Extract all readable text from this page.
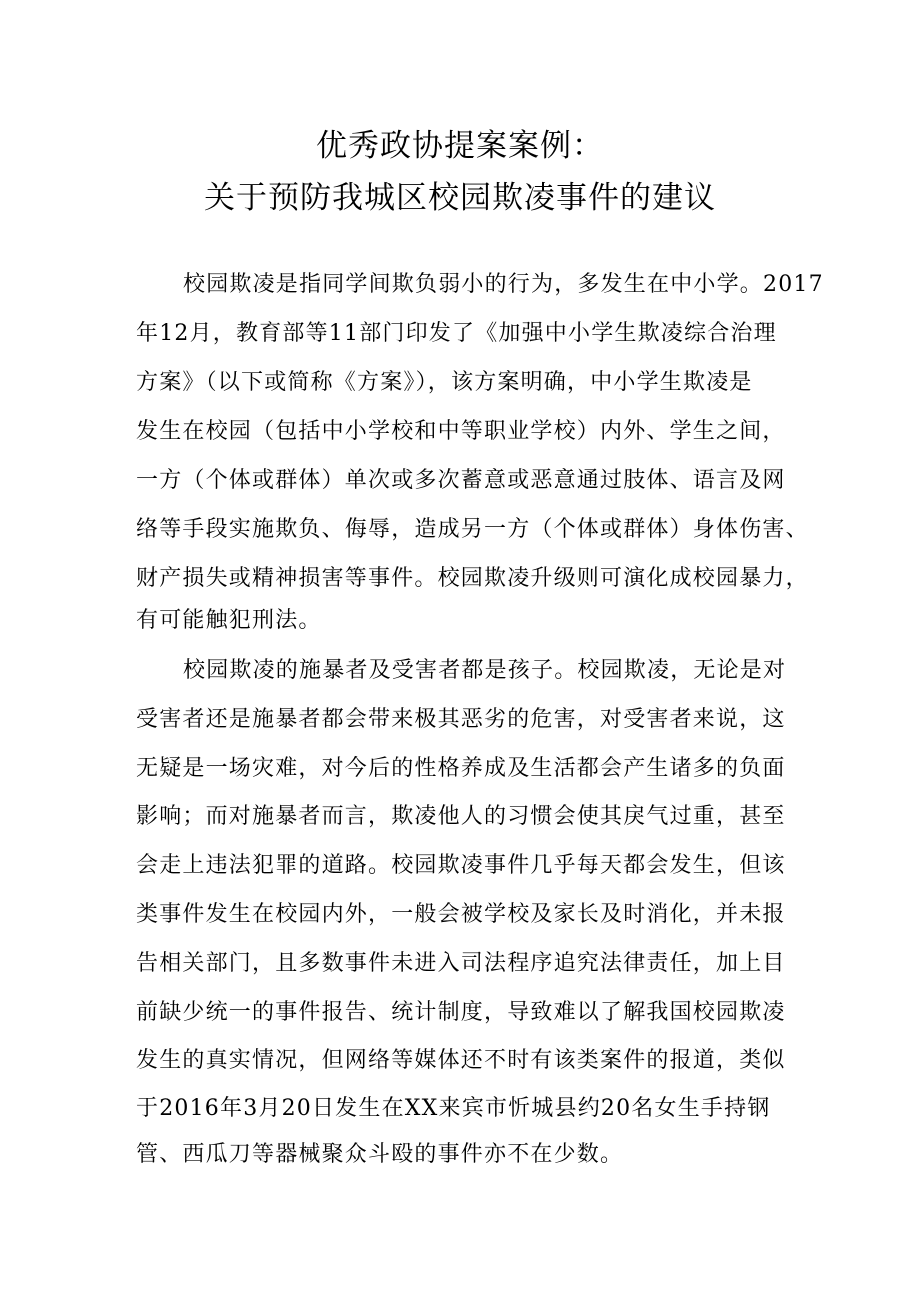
优秀政协提案案例：
关于预防我城区校园欺凌事件的建议

校园欺凌是指同学间欺负弱小的行为，多发生在中小学。2017

年12月，教育部等11部门印发了《加强中小学生欺凌综合治理

方案》（以下或简称《方案》），该方案明确，中小学生欺凌是

发生在校园（包括中小学校和中等职业学校）内外、学生之间，

一方（个体或群体）单次或多次蓄意或恶意通过肢体、语言及网

络等手段实施欺负、侮辱，造成另一方（个体或群体）身体伤害、

财产损失或精神损害等事件。校园欺凌升级则可演化成校园暴力，

有可能触犯刑法。

校园欺凌的施暴者及受害者都是孩子。校园欺凌，无论是对

受害者还是施暴者都会带来极其恶劣的危害，对受害者来说，这

无疑是一场灾难，对今后的性格养成及生活都会产生诸多的负面

影响；而对施暴者而言，欺凌他人的习惯会使其戾气过重，甚至

会走上违法犯罪的道路。校园欺凌事件几乎每天都会发生，但该

类事件发生在校园内外，一般会被学校及家长及时消化，并未报

告相关部门，且多数事件未进入司法程序追究法律责任，加上目

前缺少统一的事件报告、统计制度，导致难以了解我国校园欺凌

发生的真实情况，但网络等媒体还不时有该类案件的报道，类似

于2016年3月20日发生在XX来宾市忻城县约20名女生手持钢

管、西瓜刀等器械聚众斗殴的事件亦不在少数。
